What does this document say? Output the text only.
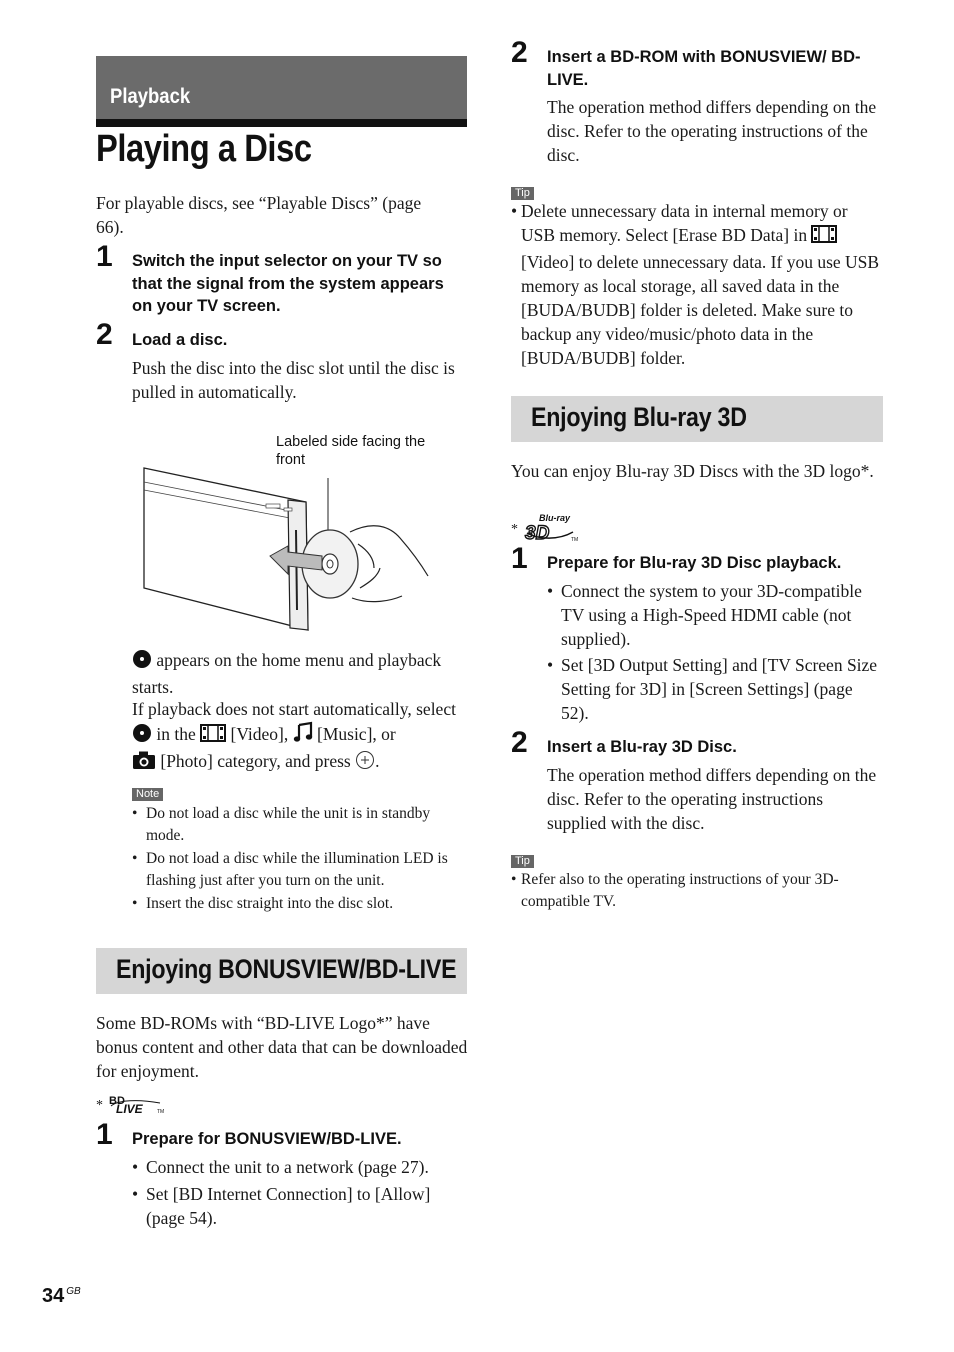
Playback
Playing a Disc
For playable discs, see “Playable Discs” (page 66).
1 Switch the input selector on your TV so that the signal from the system appears on your TV screen.
2 Load a disc.
Push the disc into the disc slot until the disc is pulled in automatically.
Labeled side facing the front
appears on the home menu and playback starts.
If playback does not start automatically, select  in the [Video], [Music], or
[Photo] category, and press .
Note
• Do not load a disc while the unit is in standby mode.
• Do not load a disc while the illumination LED is flashing just after you turn on the unit.
• Insert the disc straight into the disc slot.
Enjoying BONUSVIEW/BD-LIVE
Some BD-ROMs with “BD-LIVE Logo*” have bonus content and other data that can be downloaded for enjoyment.
* BD
LIVE	TM
1 Prepare for BONUSVIEW/BD-LIVE.
• Connect the unit to a network (page 27).
• Set [BD Internet Connection] to [Allow] (page 54).
2 Insert a BD-ROM with BONUSVIEW/ BD-LIVE.
The operation method differs depending on the disc. Refer to the operating instructions of the disc.
Tip
• Delete unnecessary data in internal memory or USB memory. Select [Erase BD Data] in  [Video] to delete unnecessary data. If you use USB memory as local storage, all saved data in the [BUDA/BUDB] folder is deleted. Make sure to backup any video/music/photo data in the [BUDA/BUDB] folder.
Enjoying Blu-ray 3D
You can enjoy Blu-ray 3D Discs with the 3D logo*.
*
Blu-ray
3D	TM
1 Prepare for Blu-ray 3D Disc playback.
• Connect the system to your 3D-compatible TV using a High-Speed HDMI cable (not supplied).
• Set [3D Output Setting] and [TV Screen Size Setting for 3D] in [Screen Settings] (page 52).
2 Insert a Blu-ray 3D Disc.
The operation method differs depending on the disc. Refer to the operating instructions supplied with the disc.
Tip
• Refer also to the operating instructions of your 3D-compatible TV.
34 $^{GB}$
